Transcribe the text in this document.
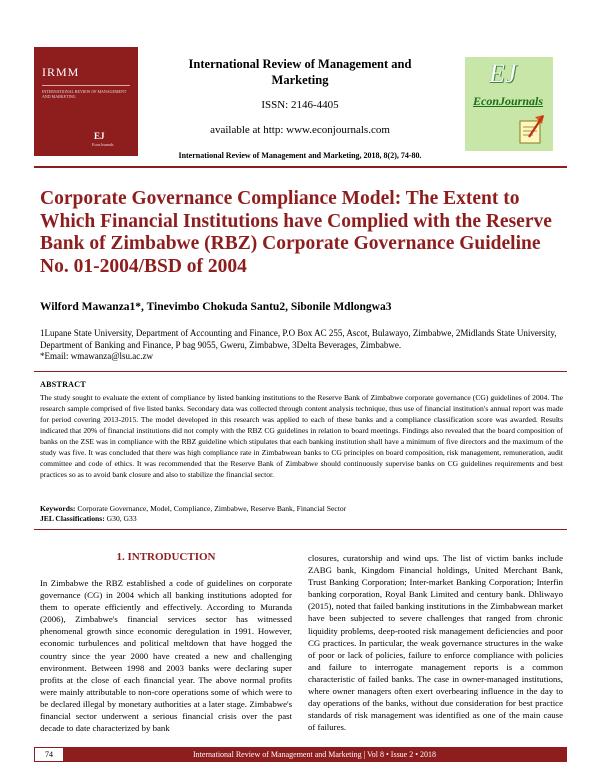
IRMM
INTERNATIONAL REVIEW OF MANAGEMENT AND MARKETING
EJ
EconJournals
International Review of Management and Marketing
ISSN: 2146-4405
available at http: www.econjournals.com
International Review of Management and Marketing, 2018, 8(2), 74-80.
EJ
EconJournals
Corporate Governance Compliance Model: The Extent to Which Financial Institutions have Complied with the Reserve Bank of Zimbabwe (RBZ) Corporate Governance Guideline No. 01-2004/BSD of 2004
Wilford Mawanza1*, Tinevimbo Chokuda Santu2, Sibonile Mdlongwa3
1Lupane State University, Department of Accounting and Finance, P.O Box AC 255, Ascot, Bulawayo, Zimbabwe, 2Midlands State University, Department of Banking and Finance, P bag 9055, Gweru, Zimbabwe, 3Delta Beverages, Zimbabwe.
*Email: wmawanza@lsu.ac.zw
ABSTRACT
The study sought to evaluate the extent of compliance by listed banking institutions to the Reserve Bank of Zimbabwe corporate governance (CG) guidelines of 2004. The research sample comprised of five listed banks. Secondary data was collected through content analysis technique, thus use of financial institution's annual report was made for period covering 2013-2015. The model developed in this research was applied to each of these banks and a compliance classification score was awarded. Results indicated that 20% of financial institutions did not comply with the RBZ CG guidelines in relation to board meetings. Findings also revealed that the board composition of banks on the ZSE was in compliance with the RBZ guideline which stipulates that each banking institution shall have a minimum of five directors and the maximum of the study was five. It was concluded that there was high compliance rate in Zimbabwean banks to CG principles on board composition, risk management, remuneration, audit committee and code of ethics. It was recommended that the Reserve Bank of Zimbabwe should continuously supervise banks on CG guidelines requirements and best practices so as to avoid bank closure and also to stabilize the financial sector.
Keywords: Corporate Governance, Model, Compliance, Zimbabwe, Reserve Bank, Financial Sector
JEL Classifications: G30, G33
1. INTRODUCTION
In Zimbabwe the RBZ established a code of guidelines on corporate governance (CG) in 2004 which all banking institutions adopted for them to operate efficiently and effectively. According to Muranda (2006), Zimbabwe's financial services sector has witnessed phenomenal growth since economic deregulation in 1991. However, economic turbulences and political meltdown that have hogged the country since the year 2000 have created a new and challenging environment. Between 1998 and 2003 banks were declaring super profits at the close of each financial year. The above normal profits were mainly attributable to non-core operations some of which were to be declared illegal by monetary authorities at a later stage. Zimbabwe's financial sector underwent a serious financial crisis over the past decade to date characterized by bank
closures, curatorship and wind ups. The list of victim banks include ZABG bank, Kingdom Financial holdings, United Merchant Bank, Trust Banking Corporation; Inter-market Banking Corporation; Interfin banking corporation, Royal Bank Limited and century bank. Dhliwayo (2015), noted that failed banking institutions in the Zimbabwean market have been subjected to severe challenges that ranged from chronic liquidity problems, deep-rooted risk management deficiencies and poor CG practices. In particular, the weak governance structures in the wake of poor or lack of policies, failure to enforce compliance with policies and failure to interrogate management reports is a common characteristic of failed banks. The case in owner-managed institutions, where owner managers often exert overbearing influence in the day to day operations of the banks, without due consideration for best practice standards of risk management was identified as one of the main cause of failures.
74	International Review of Management and Marketing | Vol 8 • Issue 2 • 2018
